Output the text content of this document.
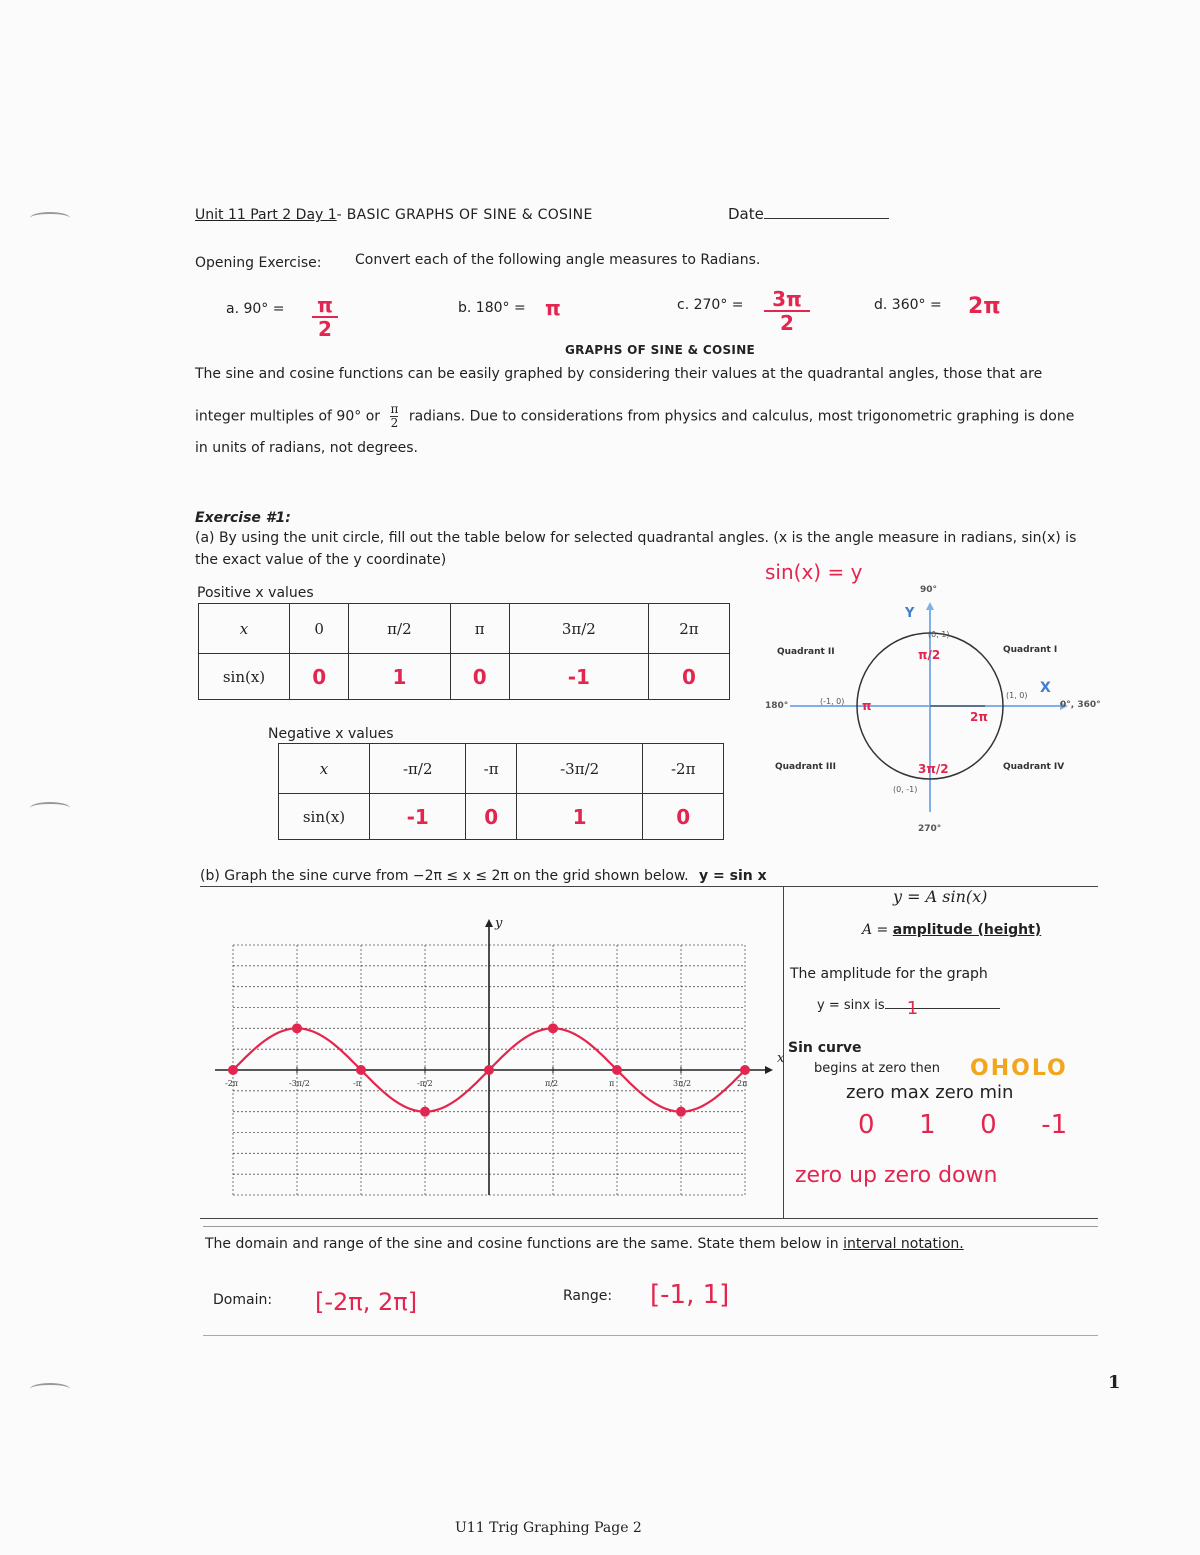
Unit 11 Part 2 Day 1- BASIC GRAPHS OF SINE & COSINE	Date
Opening Exercise: Convert each of the following angle measures to Radians.
a. 90° = π
2
b. 180° = π	c. 270° =	3π
2
d. 360° = 2π
GRAPHS OF SINE & COSINE
The sine and cosine functions can be easily graphed by considering their values at the quadrantal angles, those that are
integer multiples of 90° or $\frac{\pi}{2}$ radians. Due to considerations from physics and calculus, most trigonometric graphing is done
in units of radians, not degrees.
Exercise #1:
(a) By using the unit circle, fill out the table below for selected quadrantal angles. (x is the angle measure in radians, sin(x) is
the exact value of the y coordinate)	sin(x) = y
Positive x values
x	0	π/2	π	3π/2	2π
sin(x)	0	1	0	-1	0
Negative x values
x	-π/2	-π	-3π/2	-2π
sin(x)	-1	0	1	0
90°
180°
270°
0°, 360°
Quadrant I
Quadrant II
Quadrant III	Quadrant IV
(0, 1)
(-1, 0)
(1, 0)
(0, -1)
X
Y
π/2
π
2π
3π/2
(b) Graph the sine curve from −2π ≤ x ≤ 2π on the grid shown below. y = sin x
x
y
-2π	-3π/2	-π	-π/2	π/2	π	3π/2	2π
y = A sin(x)
A = amplitude (height)
The amplitude for the graph
y = sinx is 1
Sin curve
begins at zero then OHOLO
zero max zero min
0  1  0  -1
zero up zero down
The domain and range of the sine and cosine functions are the same. State them below in interval notation.
Domain: [-2π, 2π]	Range: [-1, 1]
U11 Trig Graphing Page 2
1
